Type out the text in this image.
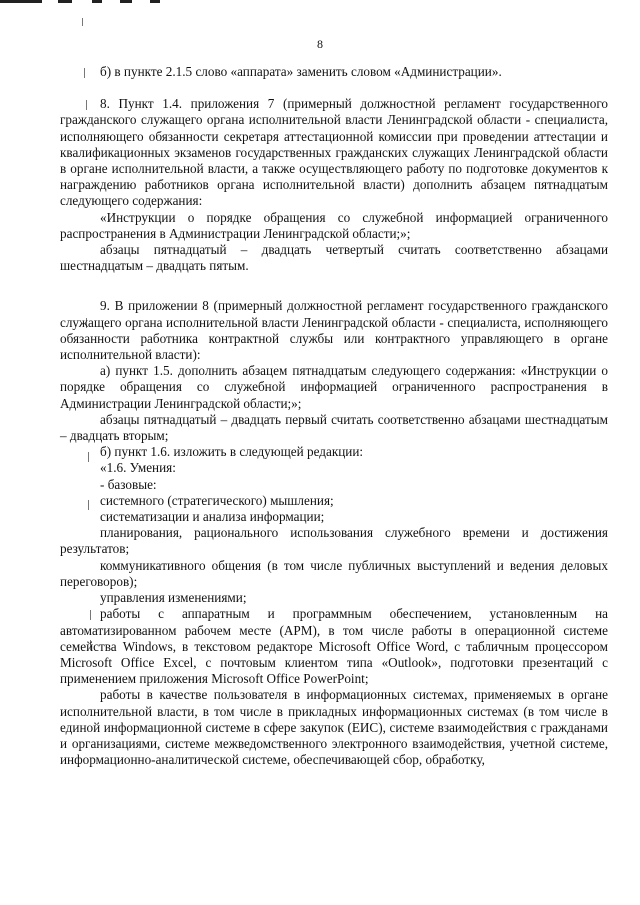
8

б) в пункте 2.1.5 слово «аппарата» заменить словом «Администрации».

8. Пункт 1.4. приложения 7 (примерный должностной регламент государственного гражданского служащего органа исполнительной власти Ленинградской области - специалиста, исполняющего обязанности секретаря аттестационной комиссии при проведении аттестации и квалификационных экзаменов государственных гражданских служащих Ленинградской области в органе исполнительной власти, а также осуществляющего работу по подготовке документов к награждению работников органа исполнительной власти) дополнить абзацем пятнадцатым следующего содержания:

«Инструкции о порядке обращения со служебной информацией ограниченного распространения в Администрации Ленинградской области;»;

абзацы пятнадцатый – двадцать четвертый считать соответственно абзацами шестнадцатым – двадцать пятым.

9. В приложении 8 (примерный должностной регламент государственного гражданского служащего органа исполнительной власти Ленинградской области - специалиста, исполняющего обязанности работника контрактной службы или контрактного управляющего в органе исполнительной власти):

а) пункт 1.5. дополнить абзацем пятнадцатым следующего содержания: «Инструкции о порядке обращения со служебной информацией ограниченного распространения в Администрации Ленинградской области;»;

абзацы пятнадцатый – двадцать первый считать соответственно абзацами шестнадцатым – двадцать вторым;

б) пункт 1.6. изложить в следующей редакции:

«1.6. Умения:

- базовые:

системного (стратегического) мышления;

систематизации и анализа информации;

планирования, рационального использования служебного времени и достижения результатов;

коммуникативного общения (в том числе публичных выступлений и ведения деловых переговоров);

управления изменениями;

работы с аппаратным и программным обеспечением, установленным на автоматизированном рабочем месте (АРМ), в том числе работы в операционной системе семейства Windows, в текстовом редакторе Microsoft Office Word, с табличным процессором Microsoft Office Excel, с почтовым клиентом типа «Outlook», подготовки презентаций с применением приложения Microsoft Office PowerPoint;

работы в качестве пользователя в информационных системах, применяемых в органе исполнительной власти, в том числе в прикладных информационных системах (в том числе в единой информационной системе в сфере закупок (ЕИС), системе взаимодействия с гражданами и организациями, системе межведомственного электронного взаимодействия, учетной системе, информационно-аналитической системе, обеспечивающей сбор, обработку,
